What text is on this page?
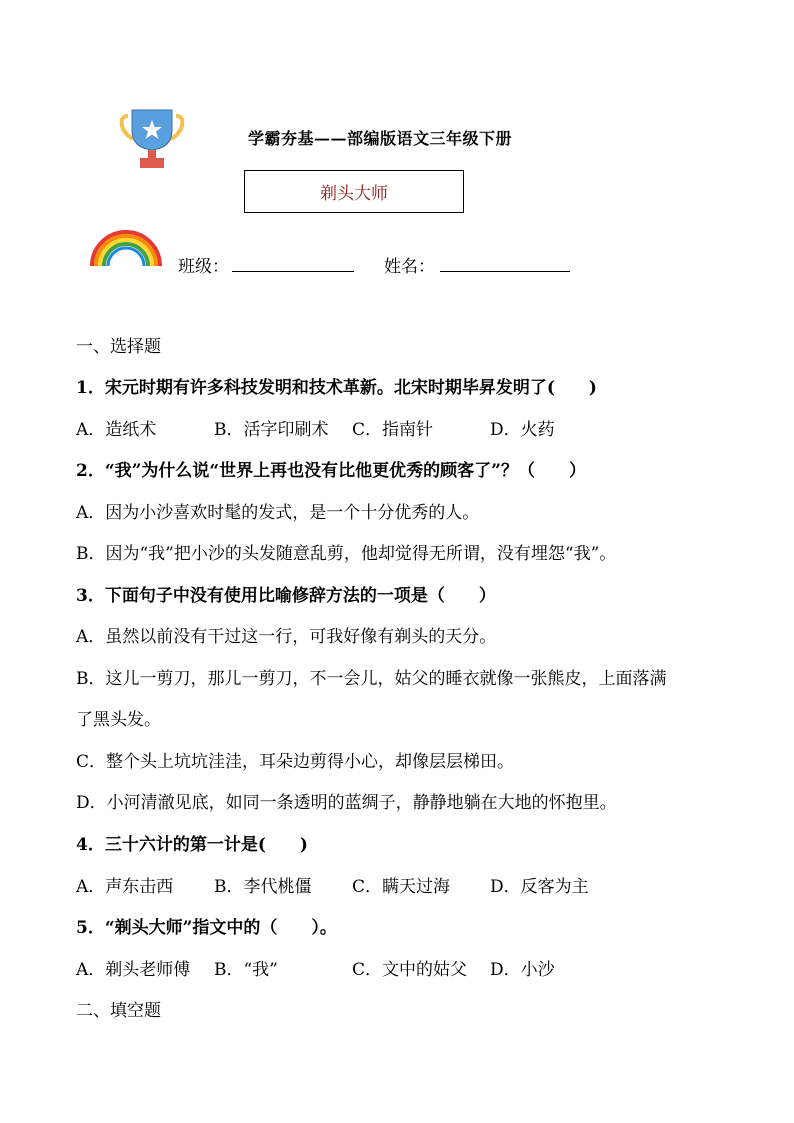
学霸夯基——部编版语文三年级下册
剃头大师
班级：	姓名：
一、选择题
1．宋元时期有许多科技发明和技术革新。北宋时期毕昇发明了(　　)
A．造纸术	B．活字印刷术 C．指南针	D．火药
2．“我”为什么说“世界上再也没有比他更优秀的顾客了”？（　　）
A．因为小沙喜欢时髦的发式，是一个十分优秀的人。
B．因为“我”把小沙的头发随意乱剪，他却觉得无所谓，没有埋怨“我”。
3．下面句子中没有使用比喻修辞方法的一项是（　　）
A．虽然以前没有干过这一行，可我好像有剃头的天分。
B．这儿一剪刀，那儿一剪刀，不一会儿，姑父的睡衣就像一张熊皮，上面落满
了黑头发。
C．整个头上坑坑洼洼，耳朵边剪得小心，却像层层梯田。
D．小河清澈见底，如同一条透明的蓝绸子，静静地躺在大地的怀抱里。
4．三十六计的第一计是(　　)
A．声东击西 B．李代桃僵 C．瞒天过海 D．反客为主
5．“剃头大师”指文中的（　　）。
A．剃头老师傅 B．“我”	C．文中的姑父 D．小沙
二、填空题
